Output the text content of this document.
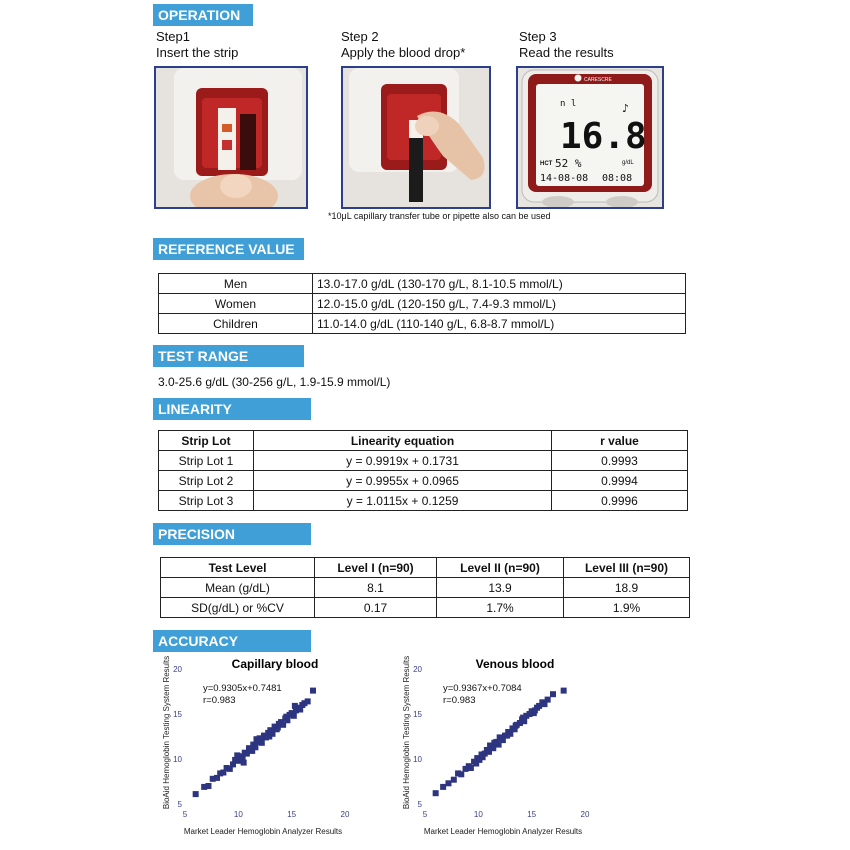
OPERATION
Step1
Insert the strip
Step 2
Apply the blood drop*
Step 3
Read the results
CARESCRE
n l	♪
16.8
HCT 52 %	g/dL
14-08-08 08:08
*10μL capillary transfer tube or pipette also can be used
REFERENCE VALUE
Men	13.0-17.0 g/dL (130-170 g/L, 8.1-10.5 mmol/L)
Women	12.0-15.0 g/dL (120-150 g/L, 7.4-9.3 mmol/L)
Children	11.0-14.0 g/dL (110-140 g/L, 6.8-8.7 mmol/L)
TEST RANGE
3.0-25.6 g/dL (30-256 g/L, 1.9-15.9 mmol/L)
LINEARITY
Strip Lot	Linearity equation	r value
Strip Lot 1	y = 0.9919x + 0.1731	0.9993
Strip Lot 2	y = 0.9955x + 0.0965	0.9994
Strip Lot 3	y = 1.0115x + 0.1259	0.9996
PRECISION
Test Level	Level I (n=90)	Level II (n=90)	Level III (n=90)
Mean (g/dL)	8.1	13.9	18.9
SD(g/dL) or %CV	0.17	1.7%	1.9%
ACCURACY
Capillary blood
BioAid Hemoglobin Testing System Results
Market Leader Hemoglobin Analyzer Results
5	10	15	20
5
10
15
20
y=0.9305x+0.7481
r=0.983
Venous blood
BioAid Hemoglobin Testing System Results
Market Leader Hemoglobin Analyzer Results
5	10	15	20
5
10
15
20
y=0.9367x+0.7084
r=0.983
